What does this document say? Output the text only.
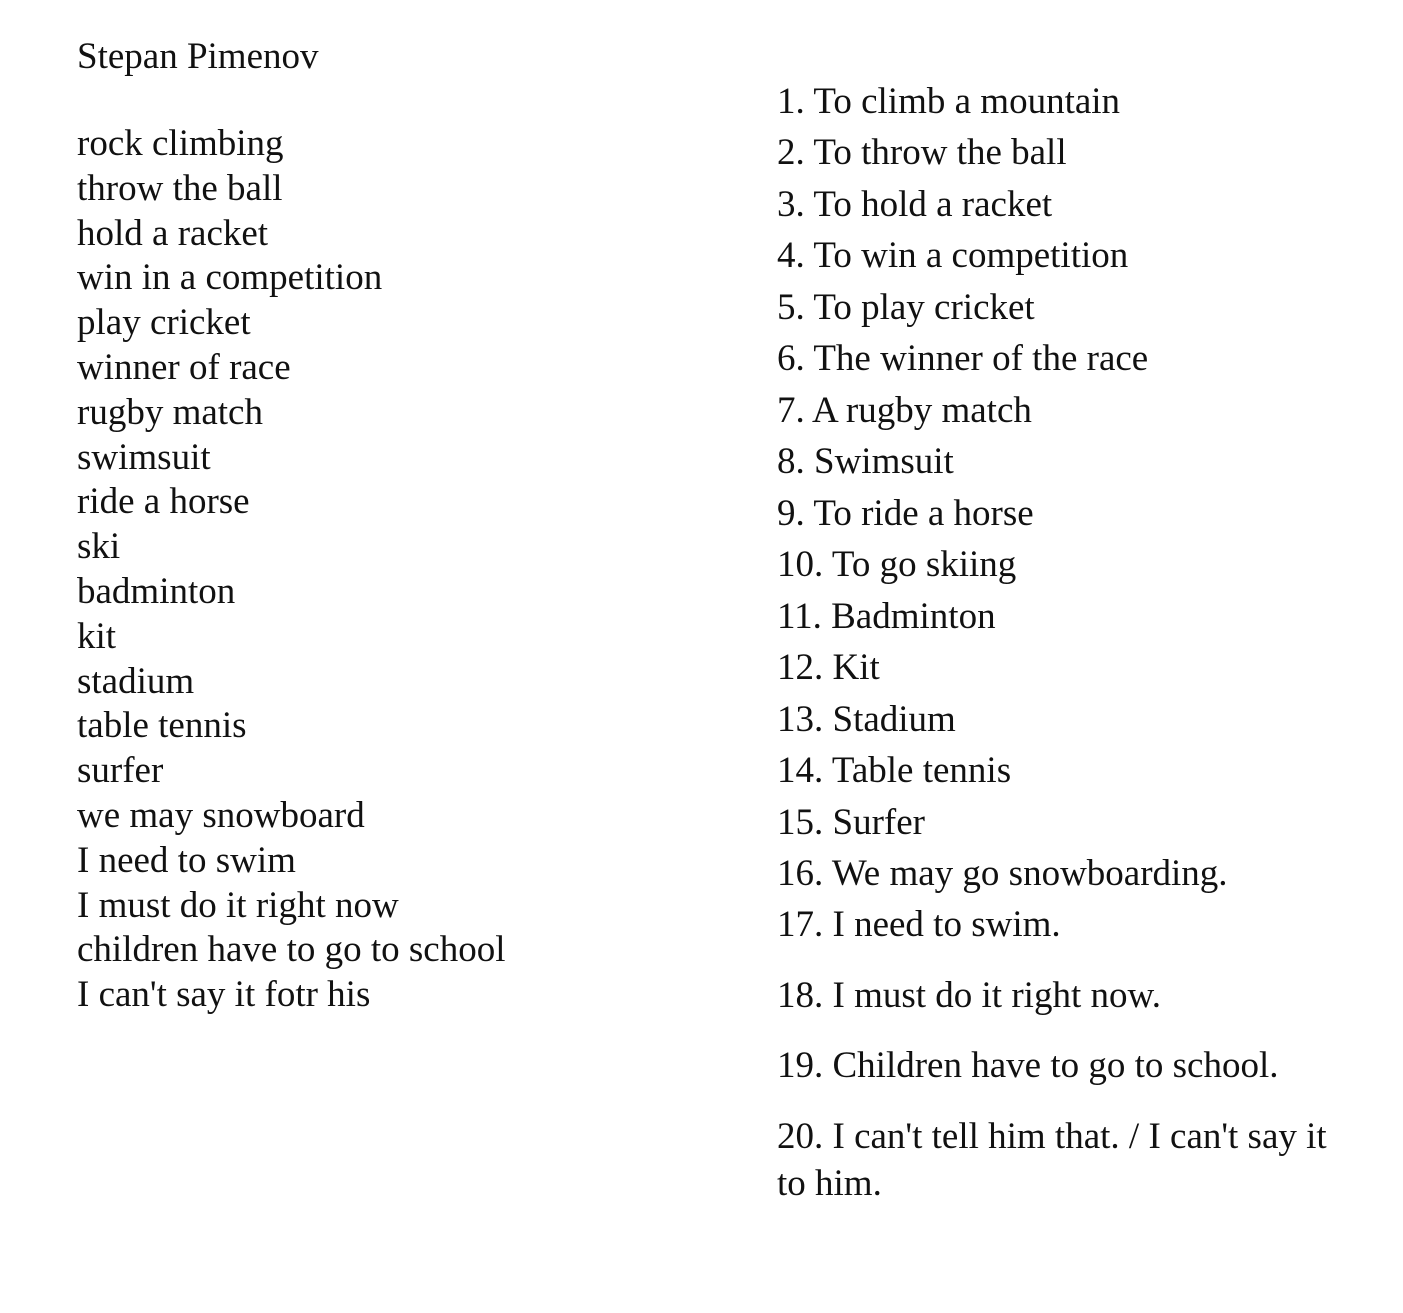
Stepan Pimenov
rock climbing
throw the ball
hold a racket
win in a competition
play cricket
winner of race
rugby match
swimsuit
ride a horse
ski
badminton
kit
stadium
table tennis
surfer
we may snowboard
I need to swim
I must do it right now
children have to go to school
I can't say it fotr his
1. To climb a mountain
2. To throw the ball
3. To hold a racket
4. To win a competition
5. To play cricket
6. The winner of the race
7. A rugby match
8. Swimsuit
9. To ride a horse
10. To go skiing
11. Badminton
12. Kit
13. Stadium
14. Table tennis
15. Surfer
16. We may go snowboarding.
17. I need to swim.
18. I must do it right now.
19. Children have to go to school.
20. I can't tell him that. / I can't say it to him.
